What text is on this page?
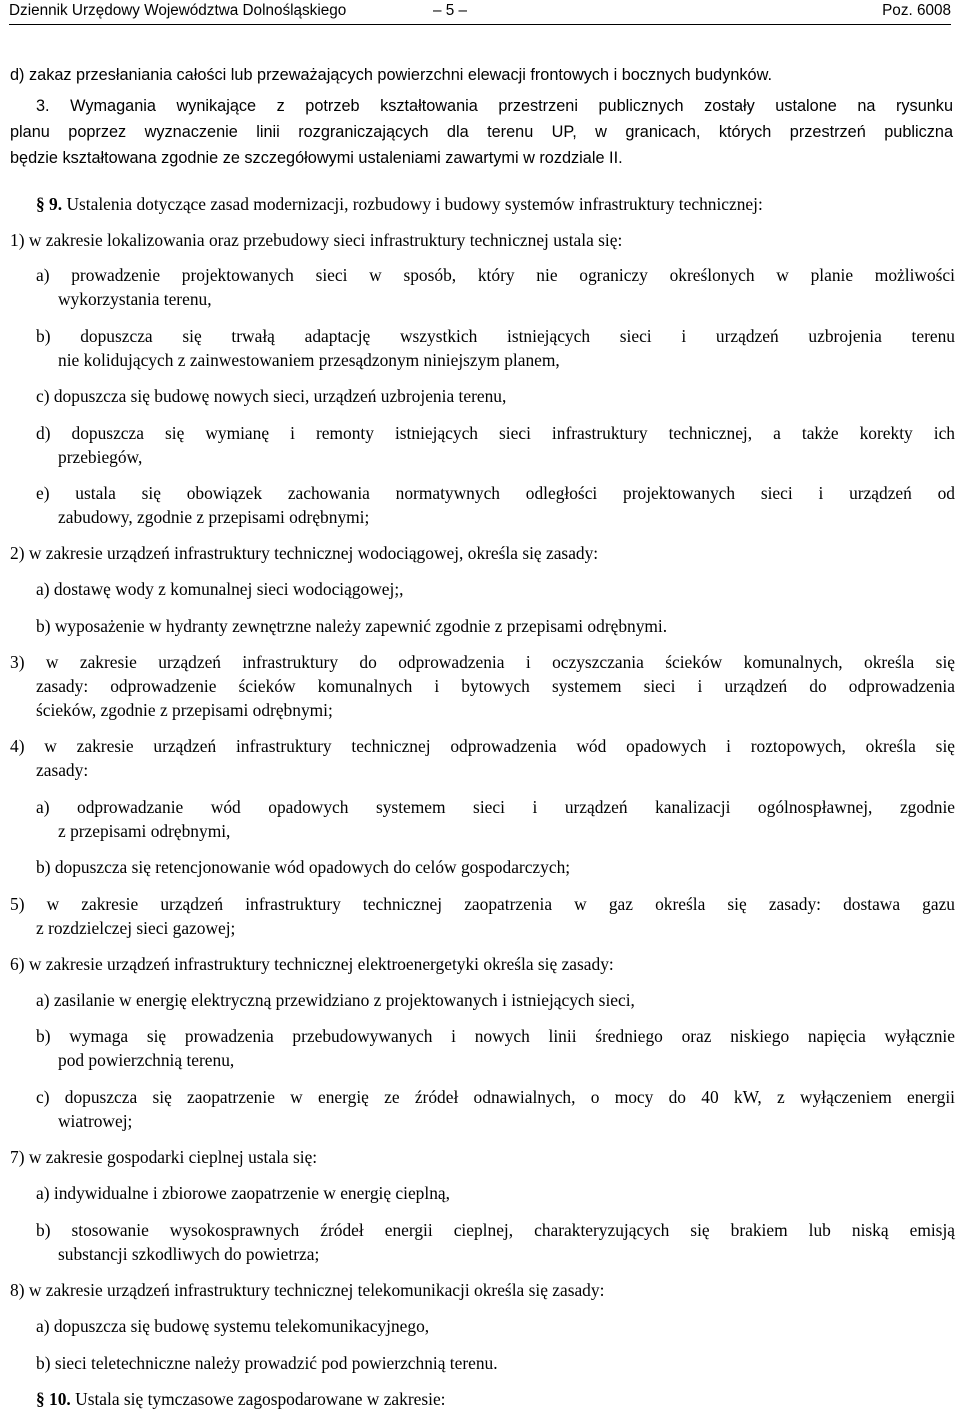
Dziennik Urzędowy Województwa Dolnośląskiego	– 5 –	Poz. 6008
d) zakaz przesłaniania całości lub przeważających powierzchni elewacji frontowych i bocznych budynków.
3. Wymagania wynikające z potrzeb kształtowania przestrzeni publicznych zostały ustalone na rysunku
planu poprzez wyznaczenie linii rozgraniczających dla terenu UP, w granicach, których przestrzeń publiczna
będzie kształtowana zgodnie ze szczegółowymi ustaleniami zawartymi w rozdziale II.
§ 9. Ustalenia dotyczące zasad modernizacji, rozbudowy i budowy systemów infrastruktury technicznej:
1) w zakresie lokalizowania oraz przebudowy sieci infrastruktury technicznej ustala się:
a) prowadzenie projektowanych sieci w sposób, który nie ograniczy określonych w planie możliwości
wykorzystania terenu,
b) dopuszcza się trwałą adaptację wszystkich istniejących sieci i urządzeń uzbrojenia terenu
nie kolidujących z zainwestowaniem przesądzonym niniejszym planem,
c) dopuszcza się budowę nowych sieci, urządzeń uzbrojenia terenu,
d) dopuszcza się wymianę i remonty istniejących sieci infrastruktury technicznej, a także korekty ich
przebiegów,
e) ustala się obowiązek zachowania normatywnych odległości projektowanych sieci i urządzeń od
zabudowy, zgodnie z przepisami odrębnymi;
2) w zakresie urządzeń infrastruktury technicznej wodociągowej, określa się zasady:
a) dostawę wody z komunalnej sieci wodociągowej;,
b) wyposażenie w hydranty zewnętrzne należy zapewnić zgodnie z przepisami odrębnymi.
3) w zakresie urządzeń infrastruktury do odprowadzenia i oczyszczania ścieków komunalnych, określa się
zasady: odprowadzenie ścieków komunalnych i bytowych systemem sieci i urządzeń do odprowadzenia
ścieków, zgodnie z przepisami odrębnymi;
4) w zakresie urządzeń infrastruktury technicznej odprowadzenia wód opadowych i roztopowych, określa się
zasady:
a) odprowadzanie wód opadowych systemem sieci i urządzeń kanalizacji ogólnospławnej, zgodnie
z przepisami odrębnymi,
b) dopuszcza się retencjonowanie wód opadowych do celów gospodarczych;
5) w zakresie urządzeń infrastruktury technicznej zaopatrzenia w gaz określa się zasady: dostawa gazu
z rozdzielczej sieci gazowej;
6) w zakresie urządzeń infrastruktury technicznej elektroenergetyki określa się zasady:
a) zasilanie w energię elektryczną przewidziano z projektowanych i istniejących sieci,
b) wymaga się prowadzenia przebudowywanych i nowych linii średniego oraz niskiego napięcia wyłącznie
pod powierzchnią terenu,
c) dopuszcza się zaopatrzenie w energię ze źródeł odnawialnych, o mocy do 40 kW, z wyłączeniem energii
wiatrowej;
7) w zakresie gospodarki cieplnej ustala się:
a) indywidualne i zbiorowe zaopatrzenie w energię cieplną,
b) stosowanie wysokosprawnych źródeł energii cieplnej, charakteryzujących się brakiem lub niską emisją
substancji szkodliwych do powietrza;
8) w zakresie urządzeń infrastruktury technicznej telekomunikacji określa się zasady:
a) dopuszcza się budowę systemu telekomunikacyjnego,
b) sieci teletechniczne należy prowadzić pod powierzchnią terenu.
§ 10. Ustala się tymczasowe zagospodarowane w zakresie:
